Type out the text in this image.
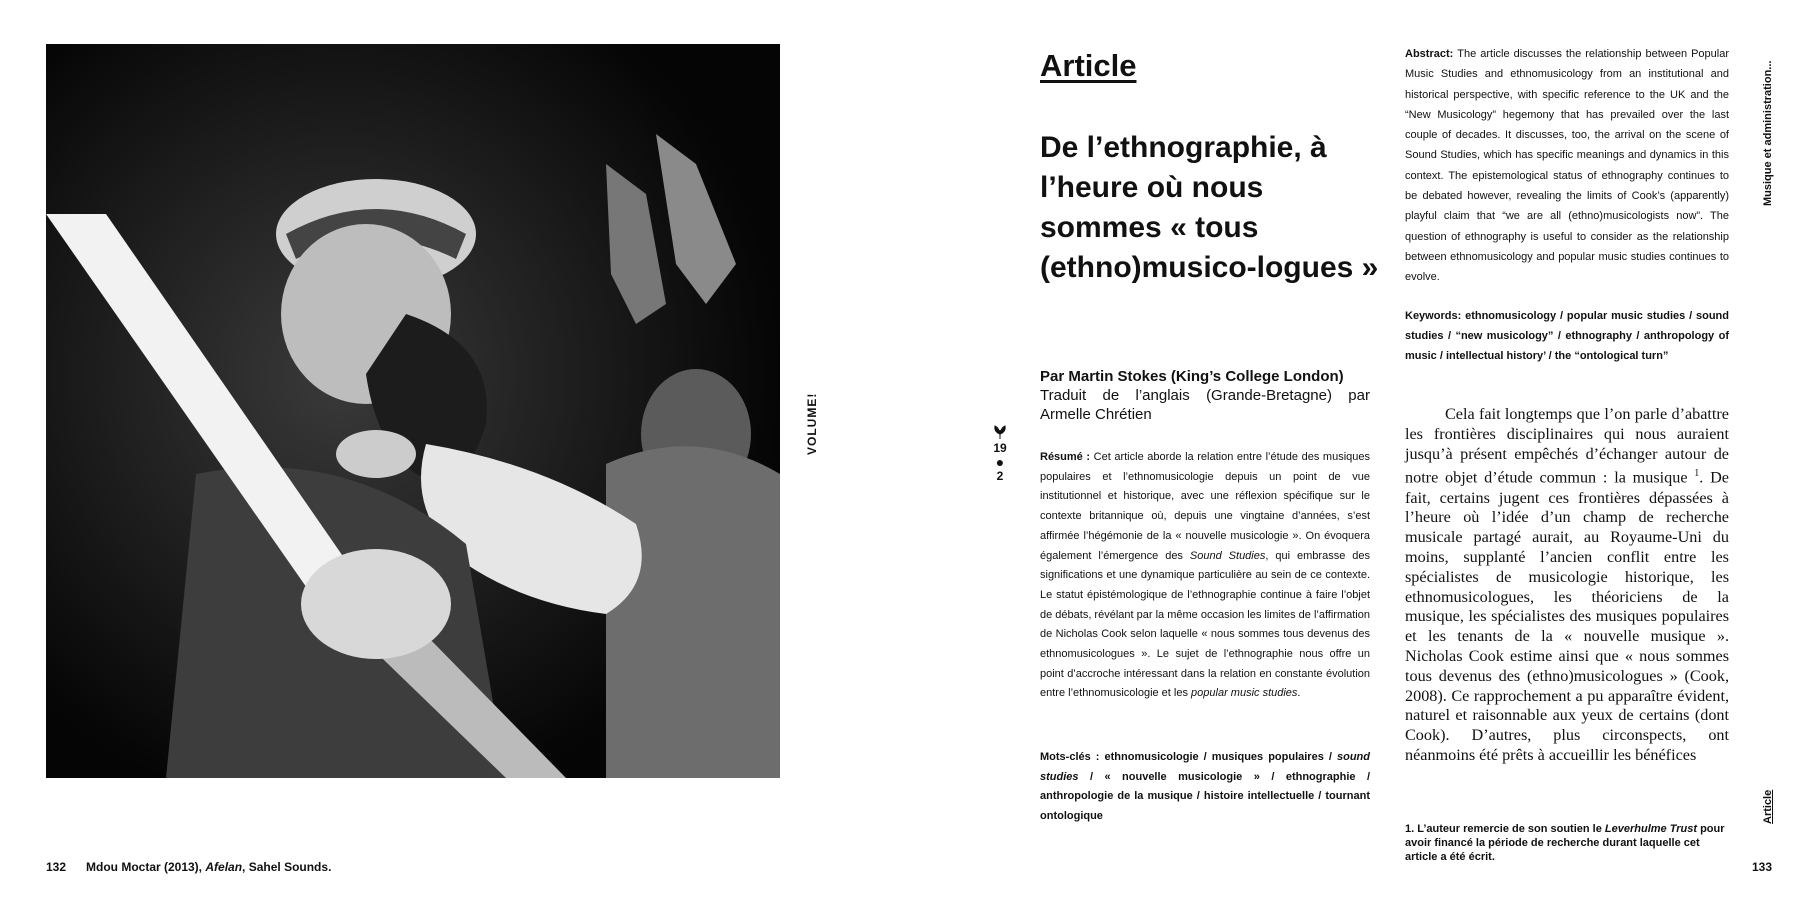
VOLUME!
132 Mdou Moctar (2013), Afelan, Sahel Sounds.
19
●
2
Article
De l’ethnographie, à l’heure où nous sommes « tous (ethno)musico-logues »
Par Martin Stokes (King’s College London)
Traduit de l’anglais (Grande-Bretagne) par Armelle Chrétien
Résumé : Cet article aborde la relation entre l’étude des musiques populaires et l’ethnomusicologie depuis un point de vue institutionnel et historique, avec une réflexion spécifique sur le contexte britannique où, depuis une vingtaine d’années, s’est affirmée l’hégémonie de la « nouvelle musicologie ». On évoquera également l’émergence des Sound Studies, qui embrasse des significations et une dynamique particulière au sein de ce contexte. Le statut épistémologique de l’ethnographie continue à faire l’objet de débats, révélant par la même occasion les limites de l’affirmation de Nicholas Cook selon laquelle « nous sommes tous devenus des ethnomusicologues ». Le sujet de l’ethnographie nous offre un point d’accroche intéressant dans la relation en constante évolution entre l’ethnomusicologie et les popular music studies.
Mots-clés : ethnomusicologie / musiques populaires / sound studies / « nouvelle musicologie » / ethnographie / anthropologie de la musique / histoire intellectuelle / tournant ontologique
Abstract: The article discusses the relationship between Popular Music Studies and ethnomusicology from an institutional and historical perspective, with specific reference to the UK and the “New Musicology” hegemony that has prevailed over the last couple of decades. It discusses, too, the arrival on the scene of Sound Studies, which has specific meanings and dynamics in this context. The epistemological status of ethnography continues to be debated however, revealing the limits of Cook’s (apparently) playful claim that “we are all (ethno)musicologists now”. The question of ethnography is useful to consider as the relationship between ethnomusicology and popular music studies continues to evolve.
Keywords: ethnomusicology / popular music studies / sound studies / “new musicology” / ethnography / anthropology of music / intellectual history’ / the “ontological turn”

Cela fait longtemps que l’on parle d’abattre les frontières disciplinaires qui nous auraient jusqu’à présent empêchés d’échanger autour de notre objet d’étude commun : la musique $^1$. De fait, certains jugent ces frontières dépassées à l’heure où l’idée d’un champ de recherche musicale partagé aurait, au Royaume-Uni du moins, supplanté l’ancien conflit entre les spécialistes de musicologie historique, les ethnomusicologues, les théoriciens de la musique, les spécialistes des musiques populaires et les tenants de la « nouvelle musique ». Nicholas Cook estime ainsi que « nous sommes tous devenus des (ethno)musicologues » (Cook, 2008). Ce rapprochement a pu apparaître évident, naturel et raisonnable aux yeux de certains (dont Cook). D’autres, plus circonspects, ont néanmoins été prêts à accueillir les bénéfices

1. L’auteur remercie de son soutien le Leverhulme Trust pour avoir financé la période de recherche durant laquelle cet article a été écrit.
Musique et administration...
Article
133
